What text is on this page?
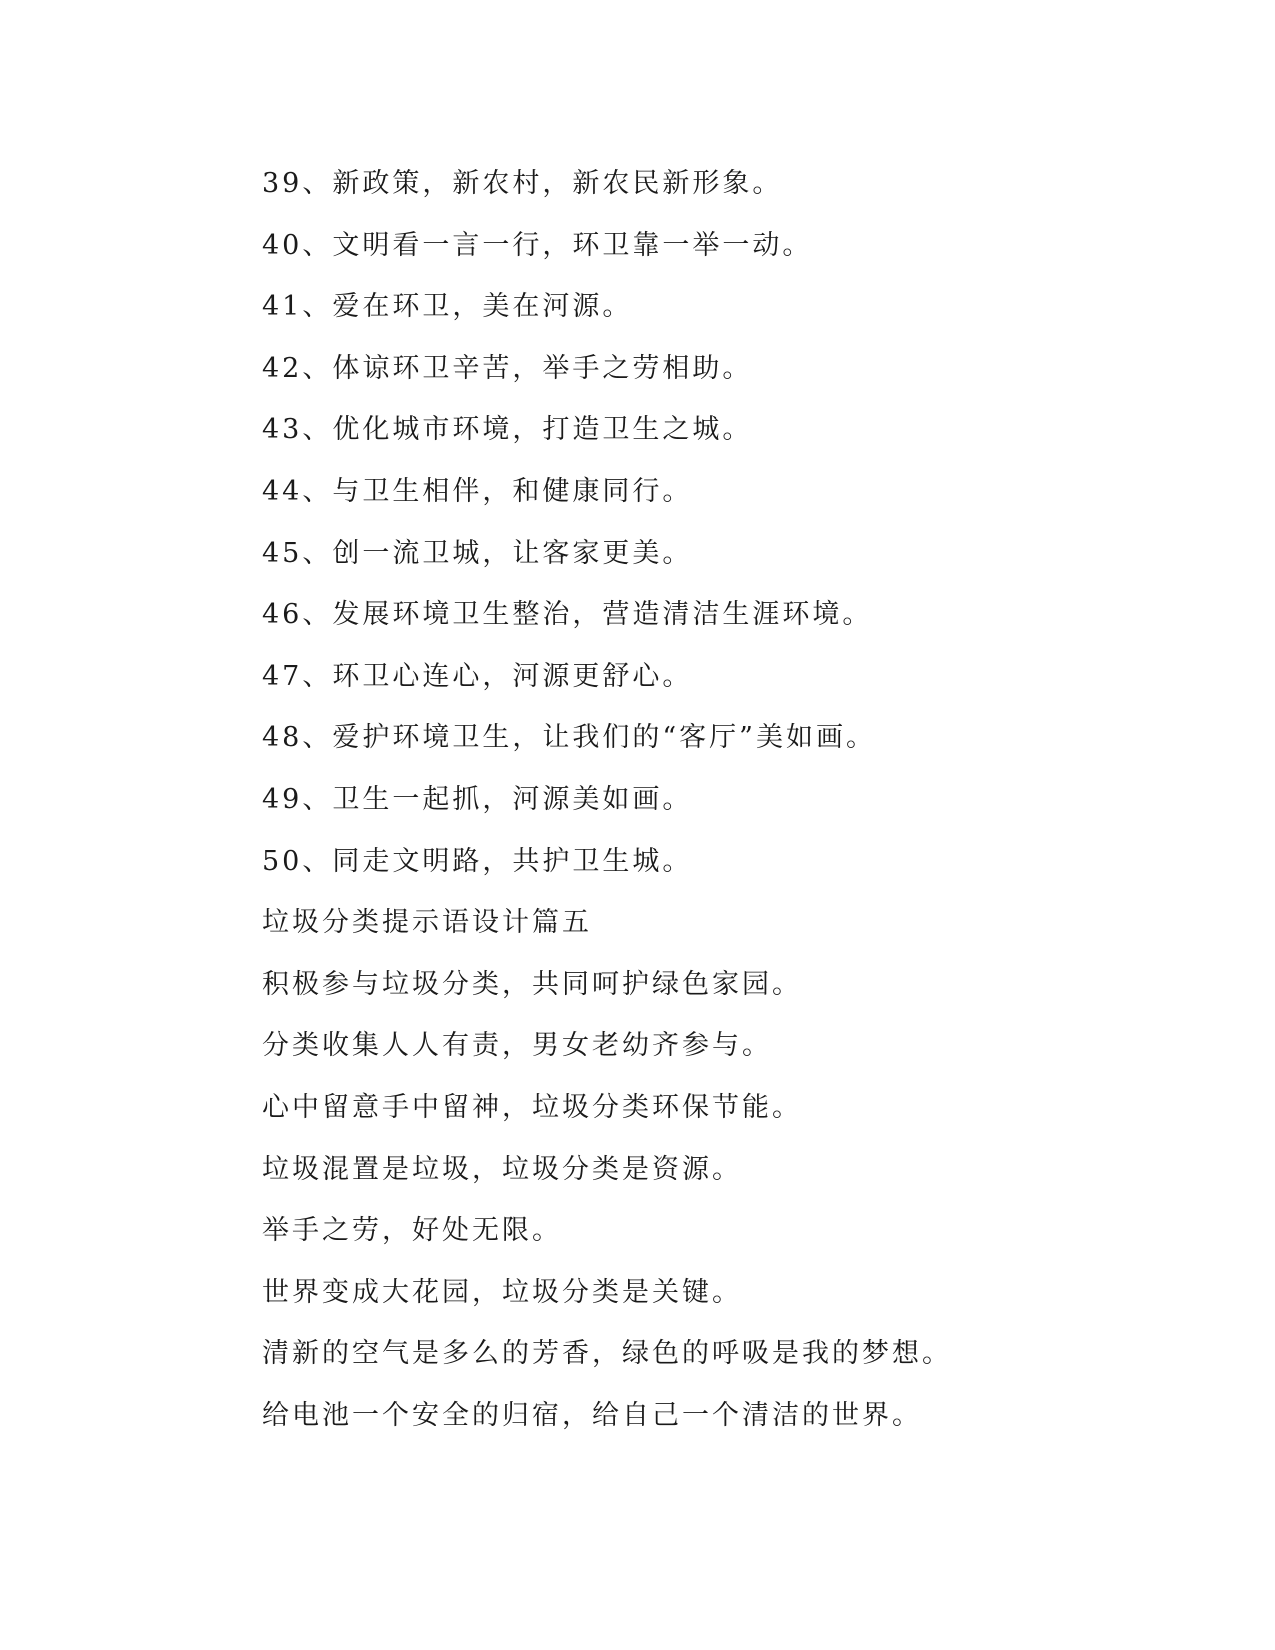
39、新政策，新农村，新农民新形象。

40、文明看一言一行，环卫靠一举一动。

41、爱在环卫，美在河源。

42、体谅环卫辛苦，举手之劳相助。

43、优化城市环境，打造卫生之城。

44、与卫生相伴，和健康同行。

45、创一流卫城，让客家更美。

46、发展环境卫生整治，营造清洁生涯环境。

47、环卫心连心，河源更舒心。

48、爱护环境卫生，让我们的“客厅”美如画。

49、卫生一起抓，河源美如画。

50、同走文明路，共护卫生城。

垃圾分类提示语设计篇五

积极参与垃圾分类，共同呵护绿色家园。

分类收集人人有责，男女老幼齐参与。

心中留意手中留神，垃圾分类环保节能。

垃圾混置是垃圾，垃圾分类是资源。

举手之劳，好处无限。

世界变成大花园，垃圾分类是关键。

清新的空气是多么的芳香，绿色的呼吸是我的梦想。

给电池一个安全的归宿，给自己一个清洁的世界。
